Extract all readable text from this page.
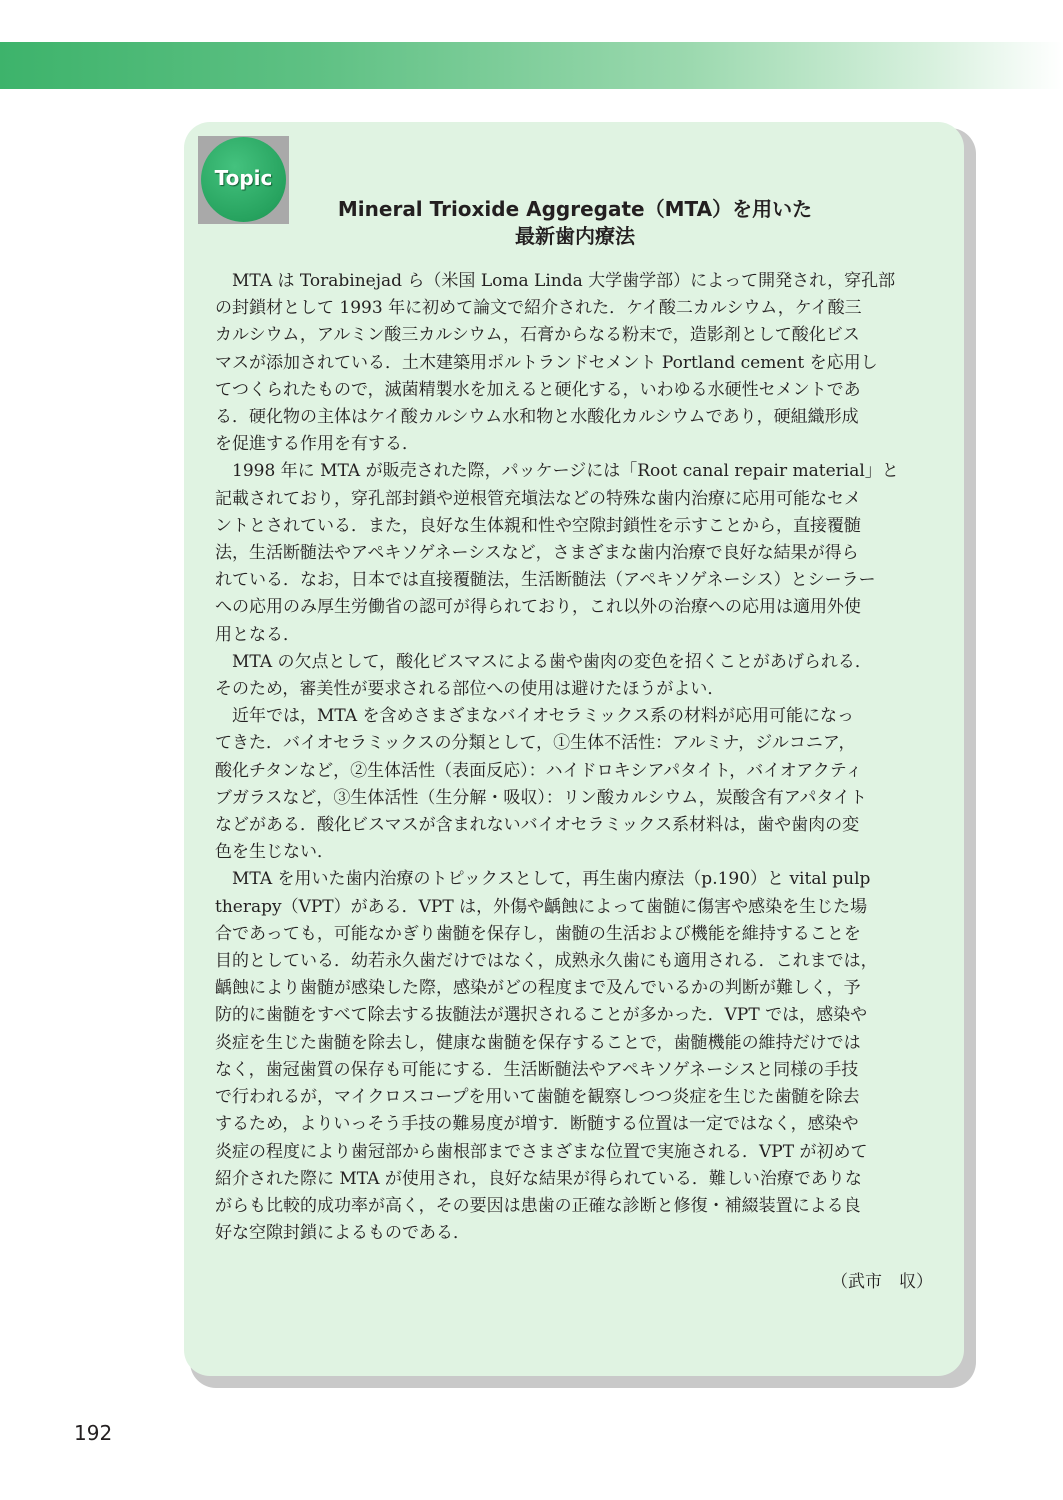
Topic
Mineral Trioxide Aggregate（MTA）を用いた
最新歯内療法

MTA は Torabinejad ら（米国 Loma Linda 大学歯学部）によって開発され，穿孔部
の封鎖材として 1993 年に初めて論文で紹介された．ケイ酸二カルシウム，ケイ酸三
カルシウム，アルミン酸三カルシウム，石膏からなる粉末で，造影剤として酸化ビス
マスが添加されている．土木建築用ポルトランドセメント Portland cement を応用し
てつくられたもので，滅菌精製水を加えると硬化する，いわゆる水硬性セメントであ
る．硬化物の主体はケイ酸カルシウム水和物と水酸化カルシウムであり，硬組織形成
を促進する作用を有する．

1998 年に MTA が販売された際，パッケージには「Root canal repair material」と
記載されており，穿孔部封鎖や逆根管充塡法などの特殊な歯内治療に応用可能なセメ
ントとされている．また，良好な生体親和性や空隙封鎖性を示すことから，直接覆髄
法，生活断髄法やアペキソゲネーシスなど，さまざまな歯内治療で良好な結果が得ら
れている．なお，日本では直接覆髄法，生活断髄法（アペキソゲネーシス）とシーラー
への応用のみ厚生労働省の認可が得られており，これ以外の治療への応用は適用外使
用となる．

MTA の欠点として，酸化ビスマスによる歯や歯肉の変色を招くことがあげられる．
そのため，審美性が要求される部位への使用は避けたほうがよい．

近年では，MTA を含めさまざまなバイオセラミックス系の材料が応用可能になっ
てきた．バイオセラミックスの分類として，①生体不活性：アルミナ，ジルコニア，
酸化チタンなど，②生体活性（表面反応）：ハイドロキシアパタイト，バイオアクティ
ブガラスなど，③生体活性（生分解・吸収）：リン酸カルシウム，炭酸含有アパタイト
などがある．酸化ビスマスが含まれないバイオセラミックス系材料は，歯や歯肉の変
色を生じない．

MTA を用いた歯内治療のトピックスとして，再生歯内療法（p.190）と vital pulp
therapy（VPT）がある．VPT は，外傷や齲蝕によって歯髄に傷害や感染を生じた場
合であっても，可能なかぎり歯髄を保存し，歯髄の生活および機能を維持することを
目的としている．幼若永久歯だけではなく，成熟永久歯にも適用される．これまでは，
齲蝕により歯髄が感染した際，感染がどの程度まで及んでいるかの判断が難しく，予
防的に歯髄をすべて除去する抜髄法が選択されることが多かった．VPT では，感染や
炎症を生じた歯髄を除去し，健康な歯髄を保存することで，歯髄機能の維持だけでは
なく，歯冠歯質の保存も可能にする．生活断髄法やアペキソゲネーシスと同様の手技
で行われるが，マイクロスコープを用いて歯髄を観察しつつ炎症を生じた歯髄を除去
するため，よりいっそう手技の難易度が増す．断髄する位置は一定ではなく，感染や
炎症の程度により歯冠部から歯根部までさまざまな位置で実施される．VPT が初めて
紹介された際に MTA が使用され，良好な結果が得られている．難しい治療でありな
がらも比較的成功率が高く，その要因は患歯の正確な診断と修復・補綴装置による良
好な空隙封鎖によるものである．

（武市　収）
192
